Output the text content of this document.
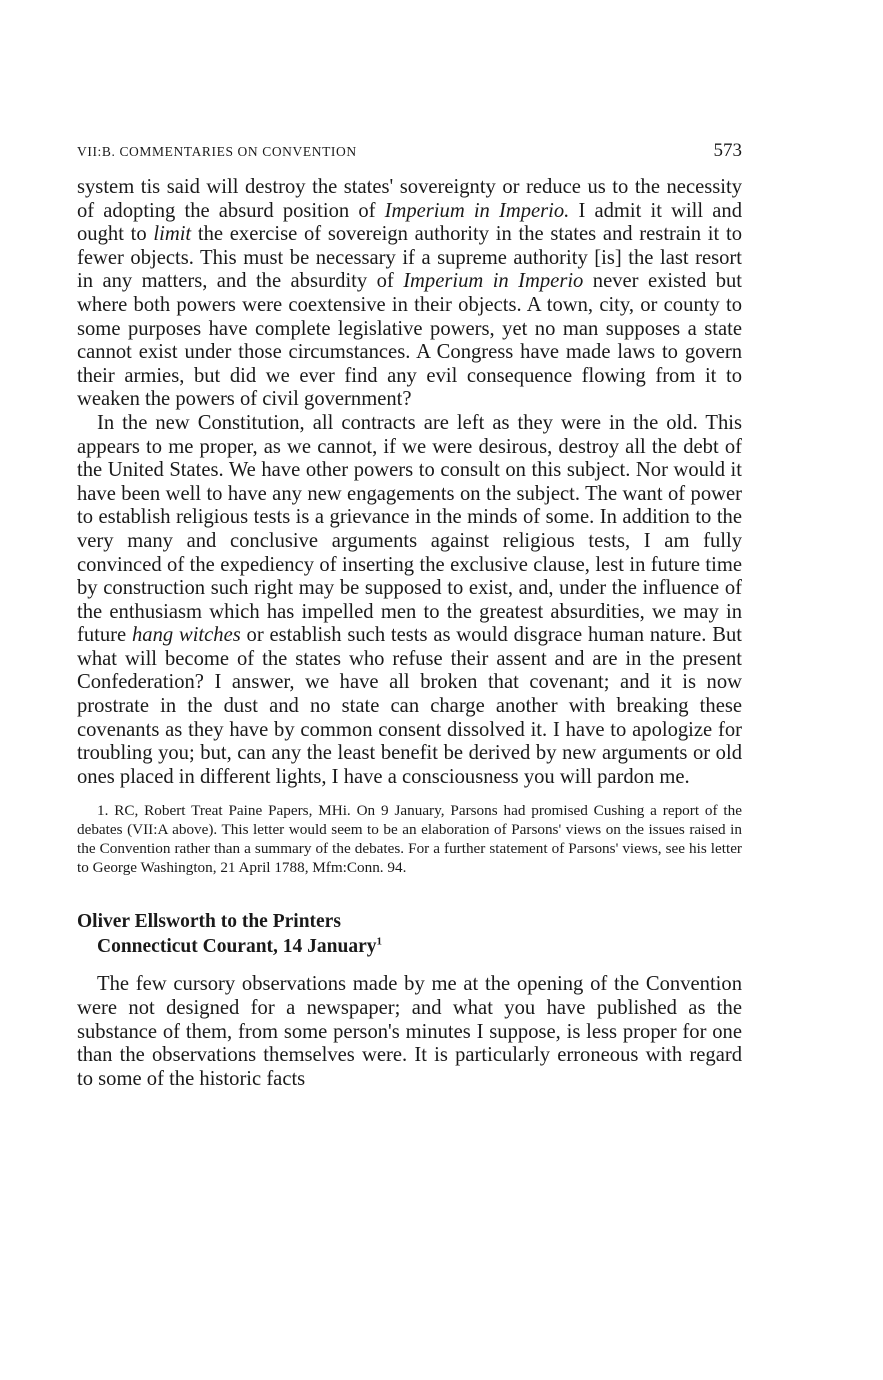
VII:B. COMMENTARIES ON CONVENTION	573

system tis said will destroy the states' sovereignty or reduce us to the necessity of adopting the absurd position of Imperium in Imperio. I admit it will and ought to limit the exercise of sovereign authority in the states and restrain it to fewer objects. This must be necessary if a supreme authority [is] the last resort in any matters, and the absurdity of Imperium in Imperio never existed but where both powers were coextensive in their objects. A town, city, or county to some purposes have complete legislative powers, yet no man supposes a state cannot exist under those circumstances. A Congress have made laws to govern their armies, but did we ever find any evil consequence flowing from it to weaken the powers of civil government?

In the new Constitution, all contracts are left as they were in the old. This appears to me proper, as we cannot, if we were desirous, destroy all the debt of the United States. We have other powers to consult on this subject. Nor would it have been well to have any new engagements on the subject. The want of power to establish religious tests is a grievance in the minds of some. In addition to the very many and conclusive arguments against religious tests, I am fully convinced of the expediency of inserting the exclusive clause, lest in future time by construction such right may be supposed to exist, and, under the influence of the enthusiasm which has impelled men to the greatest absurdities, we may in future hang witches or establish such tests as would disgrace human nature. But what will become of the states who refuse their assent and are in the present Confederation? I answer, we have all broken that covenant; and it is now prostrate in the dust and no state can charge another with breaking these covenants as they have by common consent dissolved it. I have to apologize for troubling you; but, can any the least benefit be derived by new arguments or old ones placed in different lights, I have a consciousness you will pardon me.

1. RC, Robert Treat Paine Papers, MHi. On 9 January, Parsons had promised Cushing a report of the debates (VII:A above). This letter would seem to be an elaboration of Parsons' views on the issues raised in the Convention rather than a summary of the debates. For a further statement of Parsons' views, see his letter to George Washington, 21 April 1788, Mfm:Conn. 94.
Oliver Ellsworth to the Printers
Connecticut Courant, 14 January$^1$

The few cursory observations made by me at the opening of the Convention were not designed for a newspaper; and what you have published as the substance of them, from some person's minutes I suppose, is less proper for one than the observations themselves were. It is particularly erroneous with regard to some of the historic facts
